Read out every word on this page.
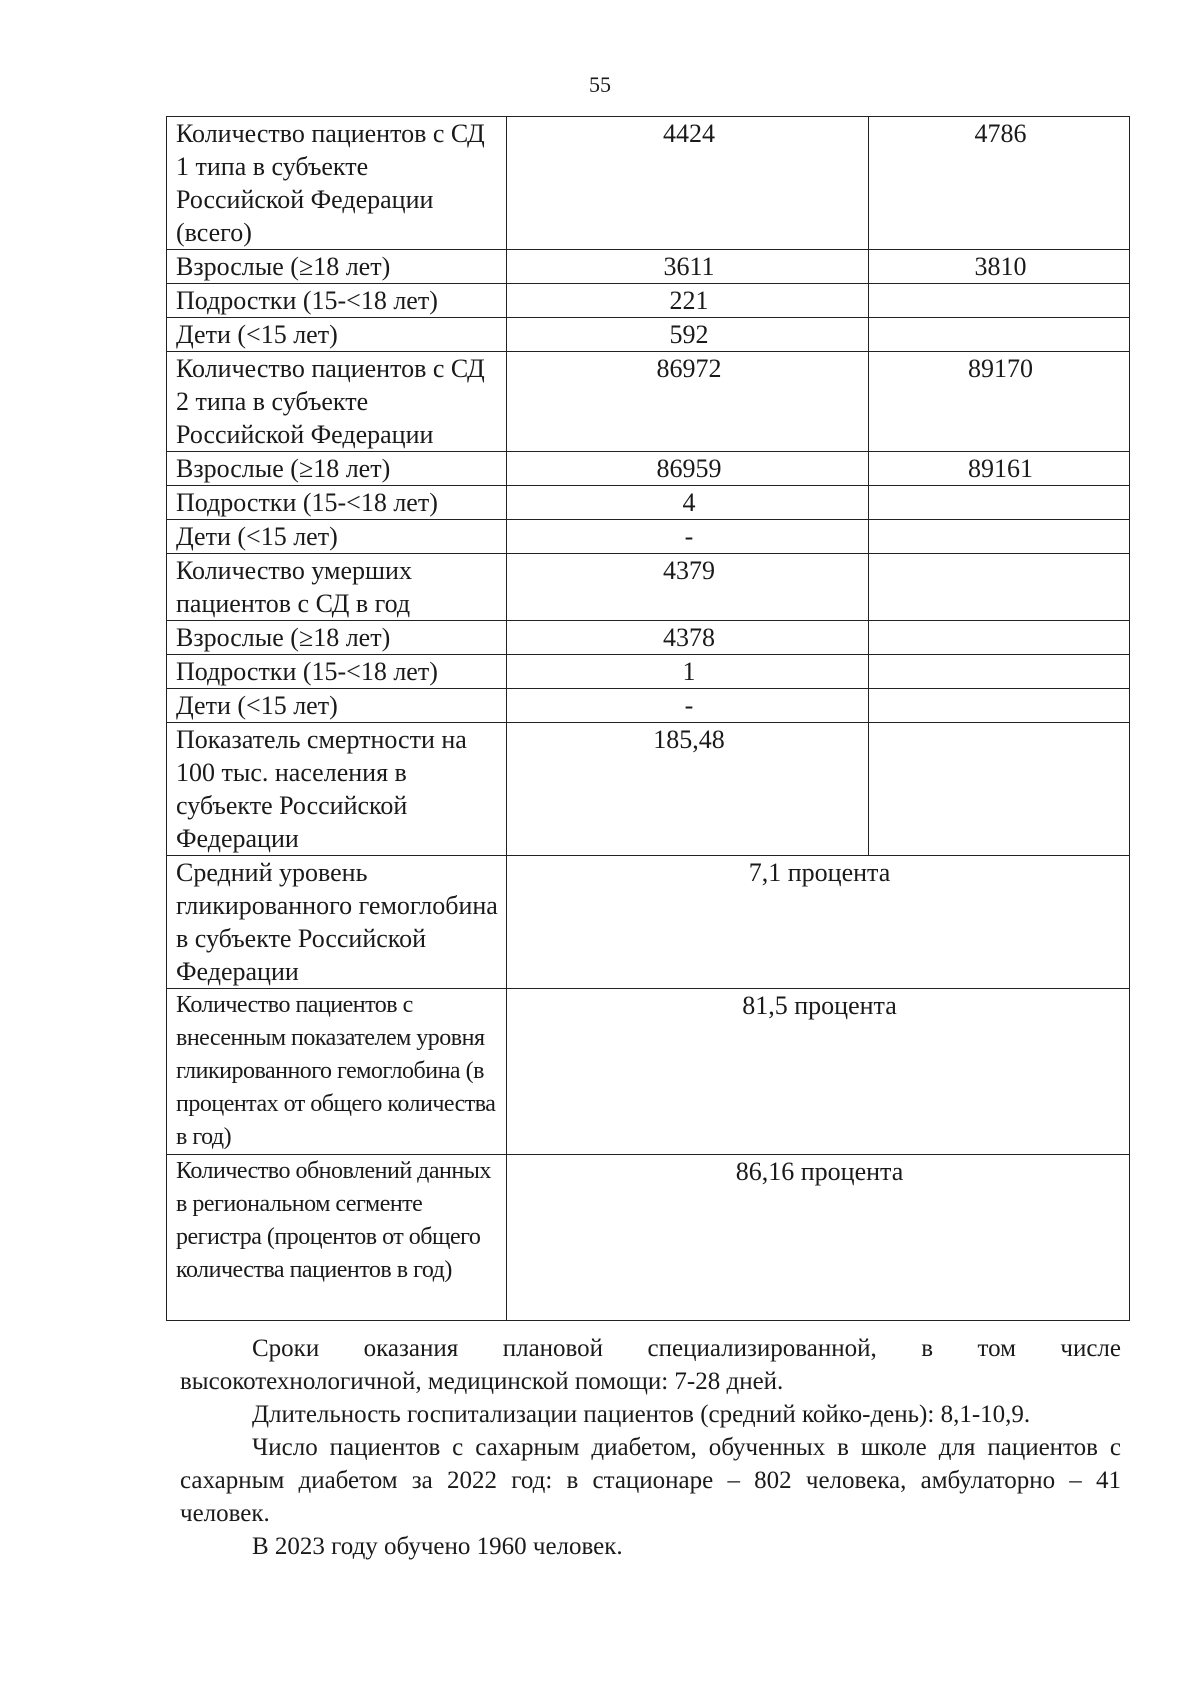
55
Количество пациентов с СД 1 типа в субъекте Российской Федерации (всего)	4424	4786
Взрослые (≥18 лет)	3611	3810
Подростки (15-<18 лет)	221	
Дети (<15 лет)	592	
Количество пациентов с СД 2 типа в субъекте Российской Федерации	86972	89170
Взрослые (≥18 лет)	86959	89161
Подростки (15-<18 лет)	4	
Дети (<15 лет)	-	
Количество умерших пациентов с СД в год	4379	
Взрослые (≥18 лет)	4378	
Подростки (15-<18 лет)	1	
Дети (<15 лет)	-	
Показатель смертности на 100 тыс. населения в субъекте Российской Федерации	185,48	
Средний уровень гликированного гемоглобина в субъекте Российской Федерации	7,1 процента	
Количество пациентов с внесенным показателем уровня гликированного гемоглобина (в процентах от общего количества в год)	81,5 процента	
Количество обновлений данных в региональном сегменте регистра (процентов от общего количества пациентов в год)	86,16 процента	

Сроки оказания плановой специализированной, в том числе высокотехнологичной, медицинской помощи: 7-28 дней.

Длительность госпитализации пациентов (средний койко-день): 8,1-10,9.

Число пациентов с сахарным диабетом, обученных в школе для пациентов с сахарным диабетом за 2022 год: в стационаре – 802 человека, амбулаторно – 41 человек.

В 2023 году обучено 1960 человек.
